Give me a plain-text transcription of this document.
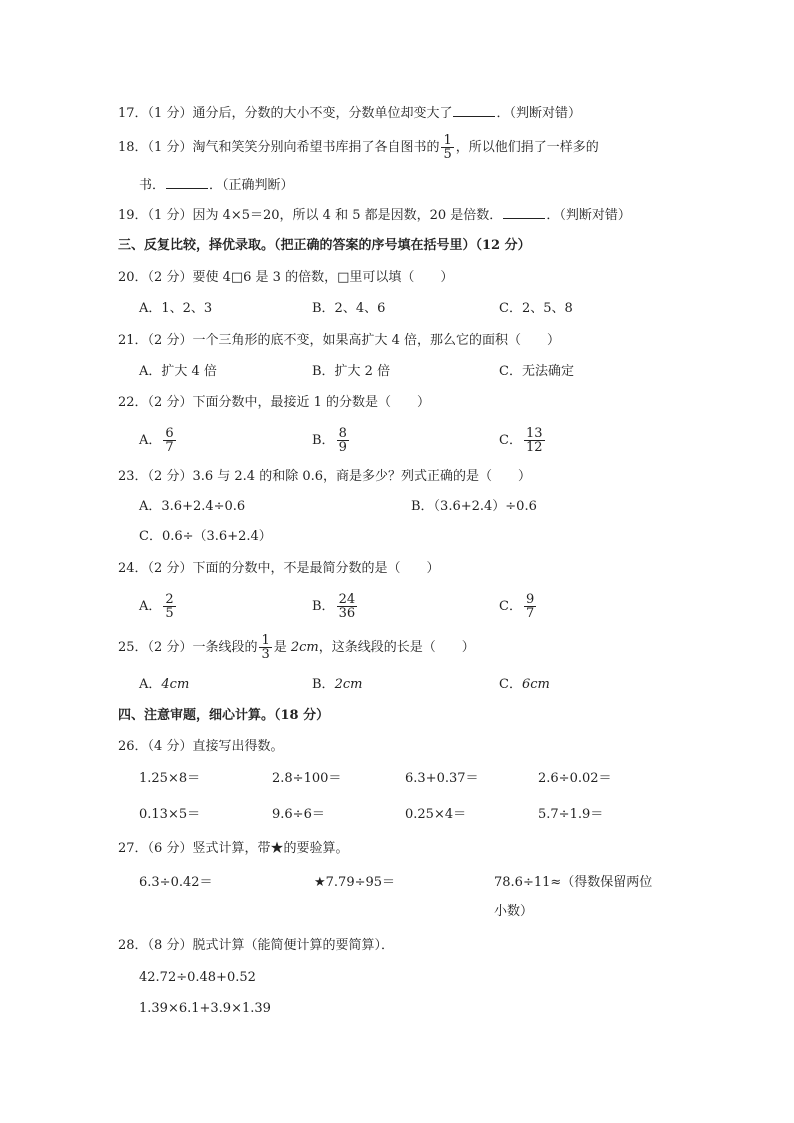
17．（1 分）通分后，分数的大小不变，分数单位却变大了	．（判断对错）
18．（1 分）淘气和笑笑分别向希望书库捐了各自图书的 $\frac{1}{5}$ ，所以他们捐了一样多的
书．	．（正确判断）
19．（1 分）因为 4×5＝20，所以 4 和 5 都是因数，20 是倍数．	．（判断对错）
三、反复比较，择优录取。（把正确的答案的序号填在括号里）（12 分）
20．（2 分）要使 4□6 是 3 的倍数，□里可以填（　　）
A．1、2、3	B．2、4、6	C．2、5、8
21．（2 分）一个三角形的底不变，如果高扩大 4 倍，那么它的面积（　　）
A．扩大 4 倍	B．扩大 2 倍	C．无法确定
22．（2 分）下面分数中，最接近 1 的分数是（　　）
A． $\frac{6}{7}$	B． $\frac{8}{9}$	C． $\frac{13}{12}$
23．（2 分）3.6 与 2.4 的和除 0.6，商是多少？列式正确的是（　　）
A．3.6+2.4÷0.6	B．（3.6+2.4）÷0.6
C．0.6÷（3.6+2.4）
24．（2 分）下面的分数中，不是最简分数的是（　　）
A． $\frac{2}{5}$	B． $\frac{24}{36}$	C． $\frac{9}{7}$
25．（2 分）一条线段的 $\frac{1}{3}$ 是 2cm，这条线段的长是（　　）
A．4cm	B．2cm	C．6cm
四、注意审题，细心计算。（18 分）
26．（4 分）直接写出得数。
1.25×8＝	2.8÷100＝	6.3+0.37＝	2.6÷0.02＝
0.13×5＝	9.6÷6＝	0.25×4＝	5.7÷1.9＝
27．（6 分）竖式计算，带★的要验算。
6.3÷0.42＝	★7.79÷95＝	78.6÷11≈（得数保留两位
小数）
28．（8 分）脱式计算（能简便计算的要简算）．
42.72÷0.48+0.52
1.39×6.1+3.9×1.39
